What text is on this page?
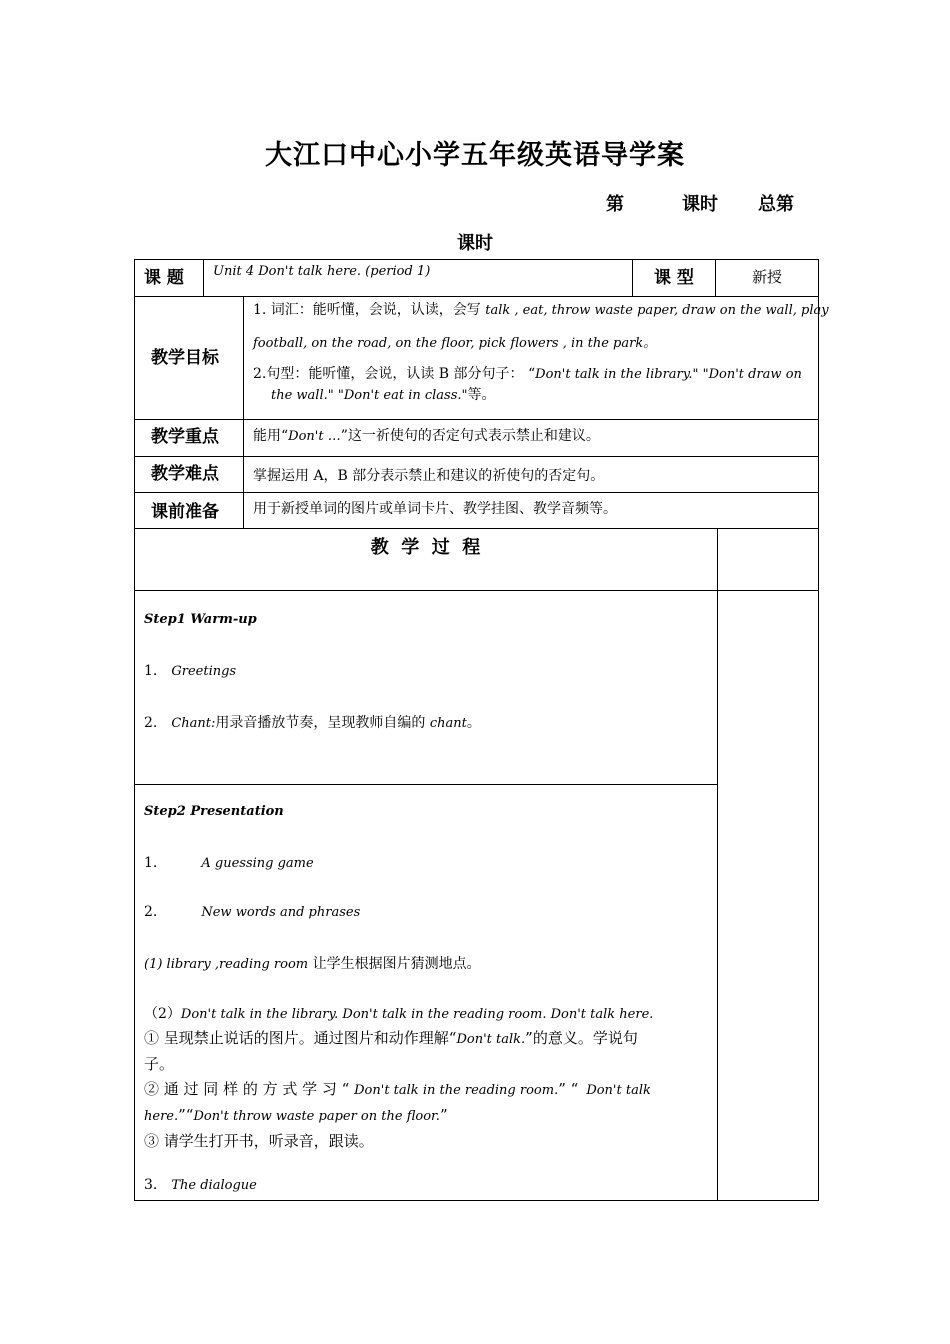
大江口中心小学五年级英语导学案
第	课时 总第
课时
课 题 Unit 4 Don't talk here. (period 1)	课 型	新授
教学目标
1. 词汇：能听懂，会说，认读，会写 talk , eat, throw waste paper, draw on the wall, play
football, on the road, on the floor, pick flowers , in the park。
2.句型：能听懂，会说，认读 B 部分句子： “Don't talk in the library." "Don't draw on
the wall." "Don't eat in class."等。
教学重点 能用“Don't …”这一祈使句的否定句式表示禁止和建议。
教学难点 掌握运用 A，B 部分表示禁止和建议的祈使句的否定句。
课前准备 用于新授单词的图片或单词卡片、教学挂图、教学音频等。
教  学  过  程
Step1 Warm-up
1. Greetings
2. Chant:用录音播放节奏，呈现教师自编的 chant。
Step2 Presentation
1.	A guessing game
2.	New words and phrases
(1) library ,reading room 让学生根据图片猜测地点。
（2）Don't talk in the library. Don't talk in the reading room. Don't talk here.
① 呈现禁止说话的图片。通过图片和动作理解“Don't talk.”的意义。学说句
子。
② 通 过 同 样 的 方 式 学 习 “ Don't talk in the reading room.” “ Don't talk
here.”“Don't throw waste paper on the floor.”
③ 请学生打开书，听录音，跟读。
3. The dialogue
